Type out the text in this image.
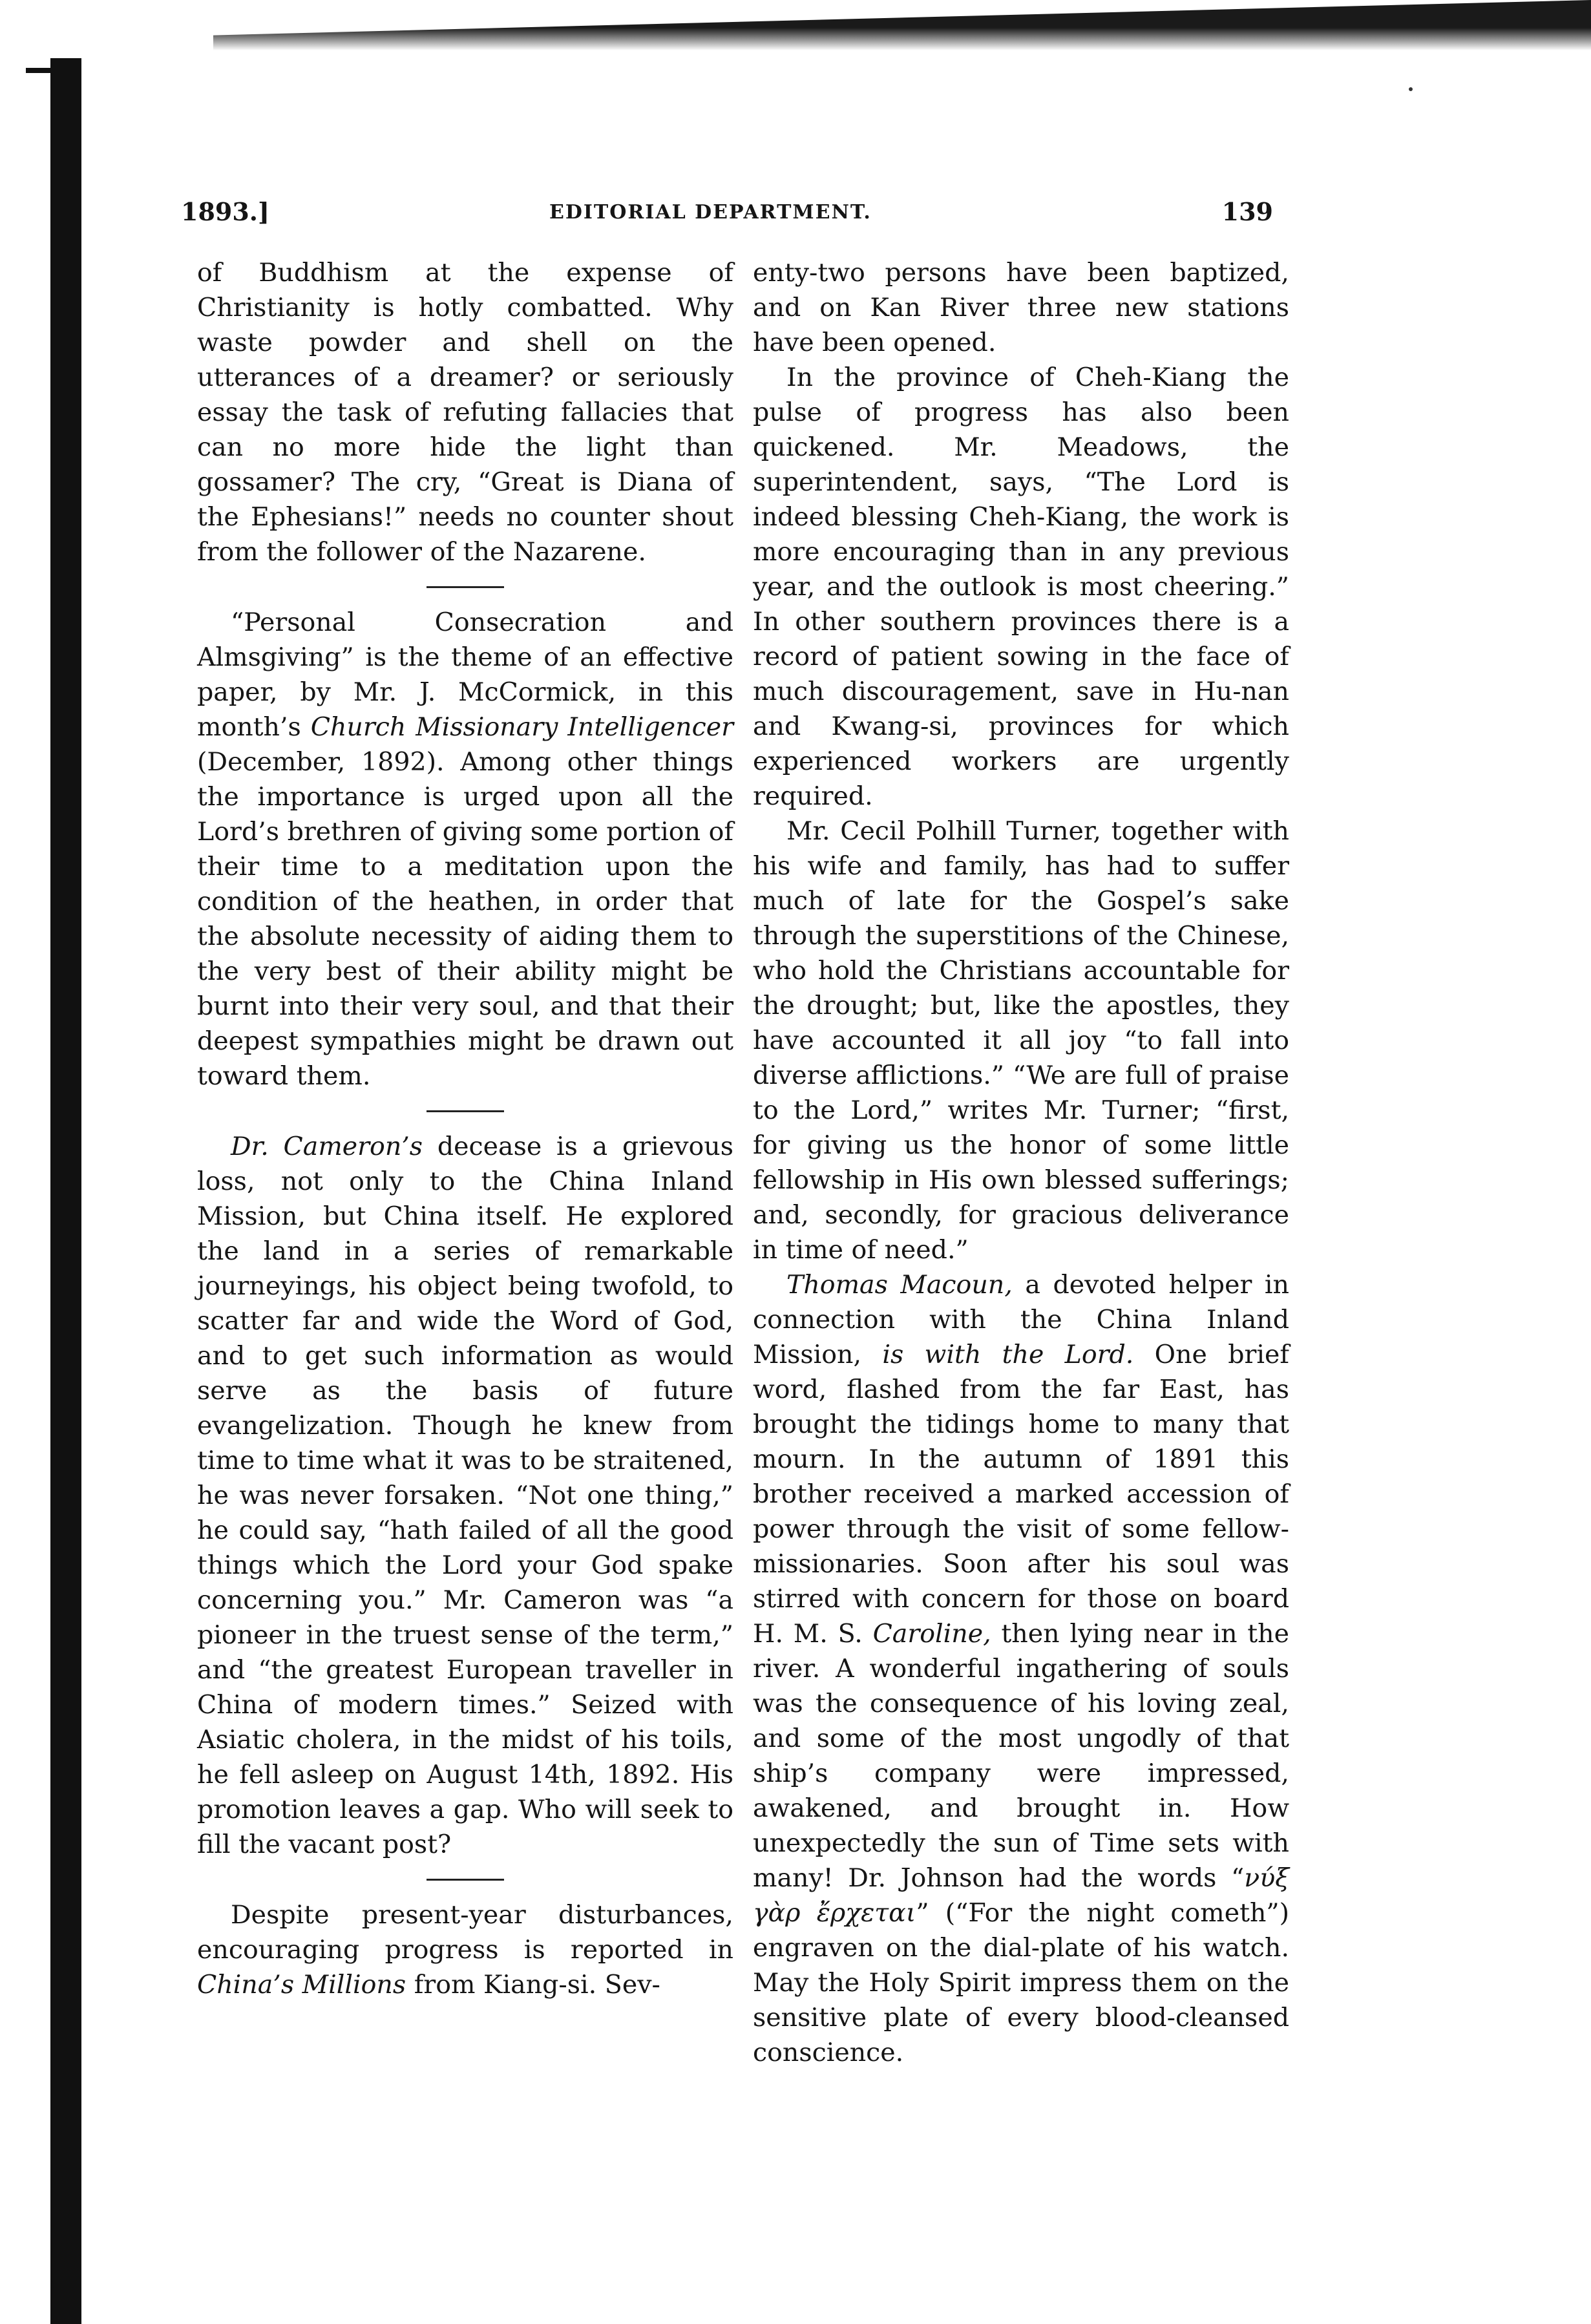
1893.]	EDITORIAL DEPARTMENT.	139

of Buddhism at the expense of Christianity is hotly combatted. Why waste powder and shell on the utterances of a dreamer? or seriously essay the task of refuting fallacies that can no more hide the light than gossamer? The cry, “Great is Diana of the Ephesians!” needs no counter shout from the follower of the Nazarene.

“Personal Consecration and Almsgiving” is the theme of an effective paper, by Mr. J. McCormick, in this month’s Church Missionary Intelligencer (December, 1892). Among other things the importance is urged upon all the Lord’s brethren of giving some portion of their time to a meditation upon the condition of the heathen, in order that the absolute necessity of aiding them to the very best of their ability might be burnt into their very soul, and that their deepest sympathies might be drawn out toward them.

Dr. Cameron’s decease is a grievous loss, not only to the China Inland Mission, but China itself. He explored the land in a series of remarkable journeyings, his object being twofold, to scatter far and wide the Word of God, and to get such information as would serve as the basis of future evangelization. Though he knew from time to time what it was to be straitened, he was never forsaken. “Not one thing,” he could say, “hath failed of all the good things which the Lord your God spake concerning you.” Mr. Cameron was “a pioneer in the truest sense of the term,” and “the greatest European traveller in China of modern times.” Seized with Asiatic cholera, in the midst of his toils, he fell asleep on August 14th, 1892. His promotion leaves a gap. Who will seek to fill the vacant post?

Despite present-year disturbances, encouraging progress is reported in China’s Millions from Kiang-si. Sev-

enty-two persons have been baptized, and on Kan River three new stations have been opened.

In the province of Cheh-Kiang the pulse of progress has also been quickened. Mr. Meadows, the superintendent, says, “The Lord is indeed blessing Cheh-Kiang, the work is more encouraging than in any previous year, and the outlook is most cheering.” In other southern provinces there is a record of patient sowing in the face of much discouragement, save in Hu-nan and Kwang-si, provinces for which experienced workers are urgently required.

Mr. Cecil Polhill Turner, together with his wife and family, has had to suffer much of late for the Gospel’s sake through the superstitions of the Chinese, who hold the Christians accountable for the drought; but, like the apostles, they have accounted it all joy “to fall into diverse afflictions.” “We are full of praise to the Lord,” writes Mr. Turner; “first, for giving us the honor of some little fellowship in His own blessed sufferings; and, secondly, for gracious deliverance in time of need.”

Thomas Macoun, a devoted helper in connection with the China Inland Mission, is with the Lord. One brief word, flashed from the far East, has brought the tidings home to many that mourn. In the autumn of 1891 this brother received a marked accession of power through the visit of some fellow-missionaries. Soon after his soul was stirred with concern for those on board H. M. S. Caroline, then lying near in the river. A wonderful ingathering of souls was the consequence of his loving zeal, and some of the most ungodly of that ship’s company were impressed, awakened, and brought in. How unexpectedly the sun of Time sets with many! Dr. Johnson had the words “νύξ γὰρ ἔρχεται” (“For the night cometh”) engraven on the dial-plate of his watch. May the Holy Spirit impress them on the sensitive plate of every blood-cleansed conscience.
